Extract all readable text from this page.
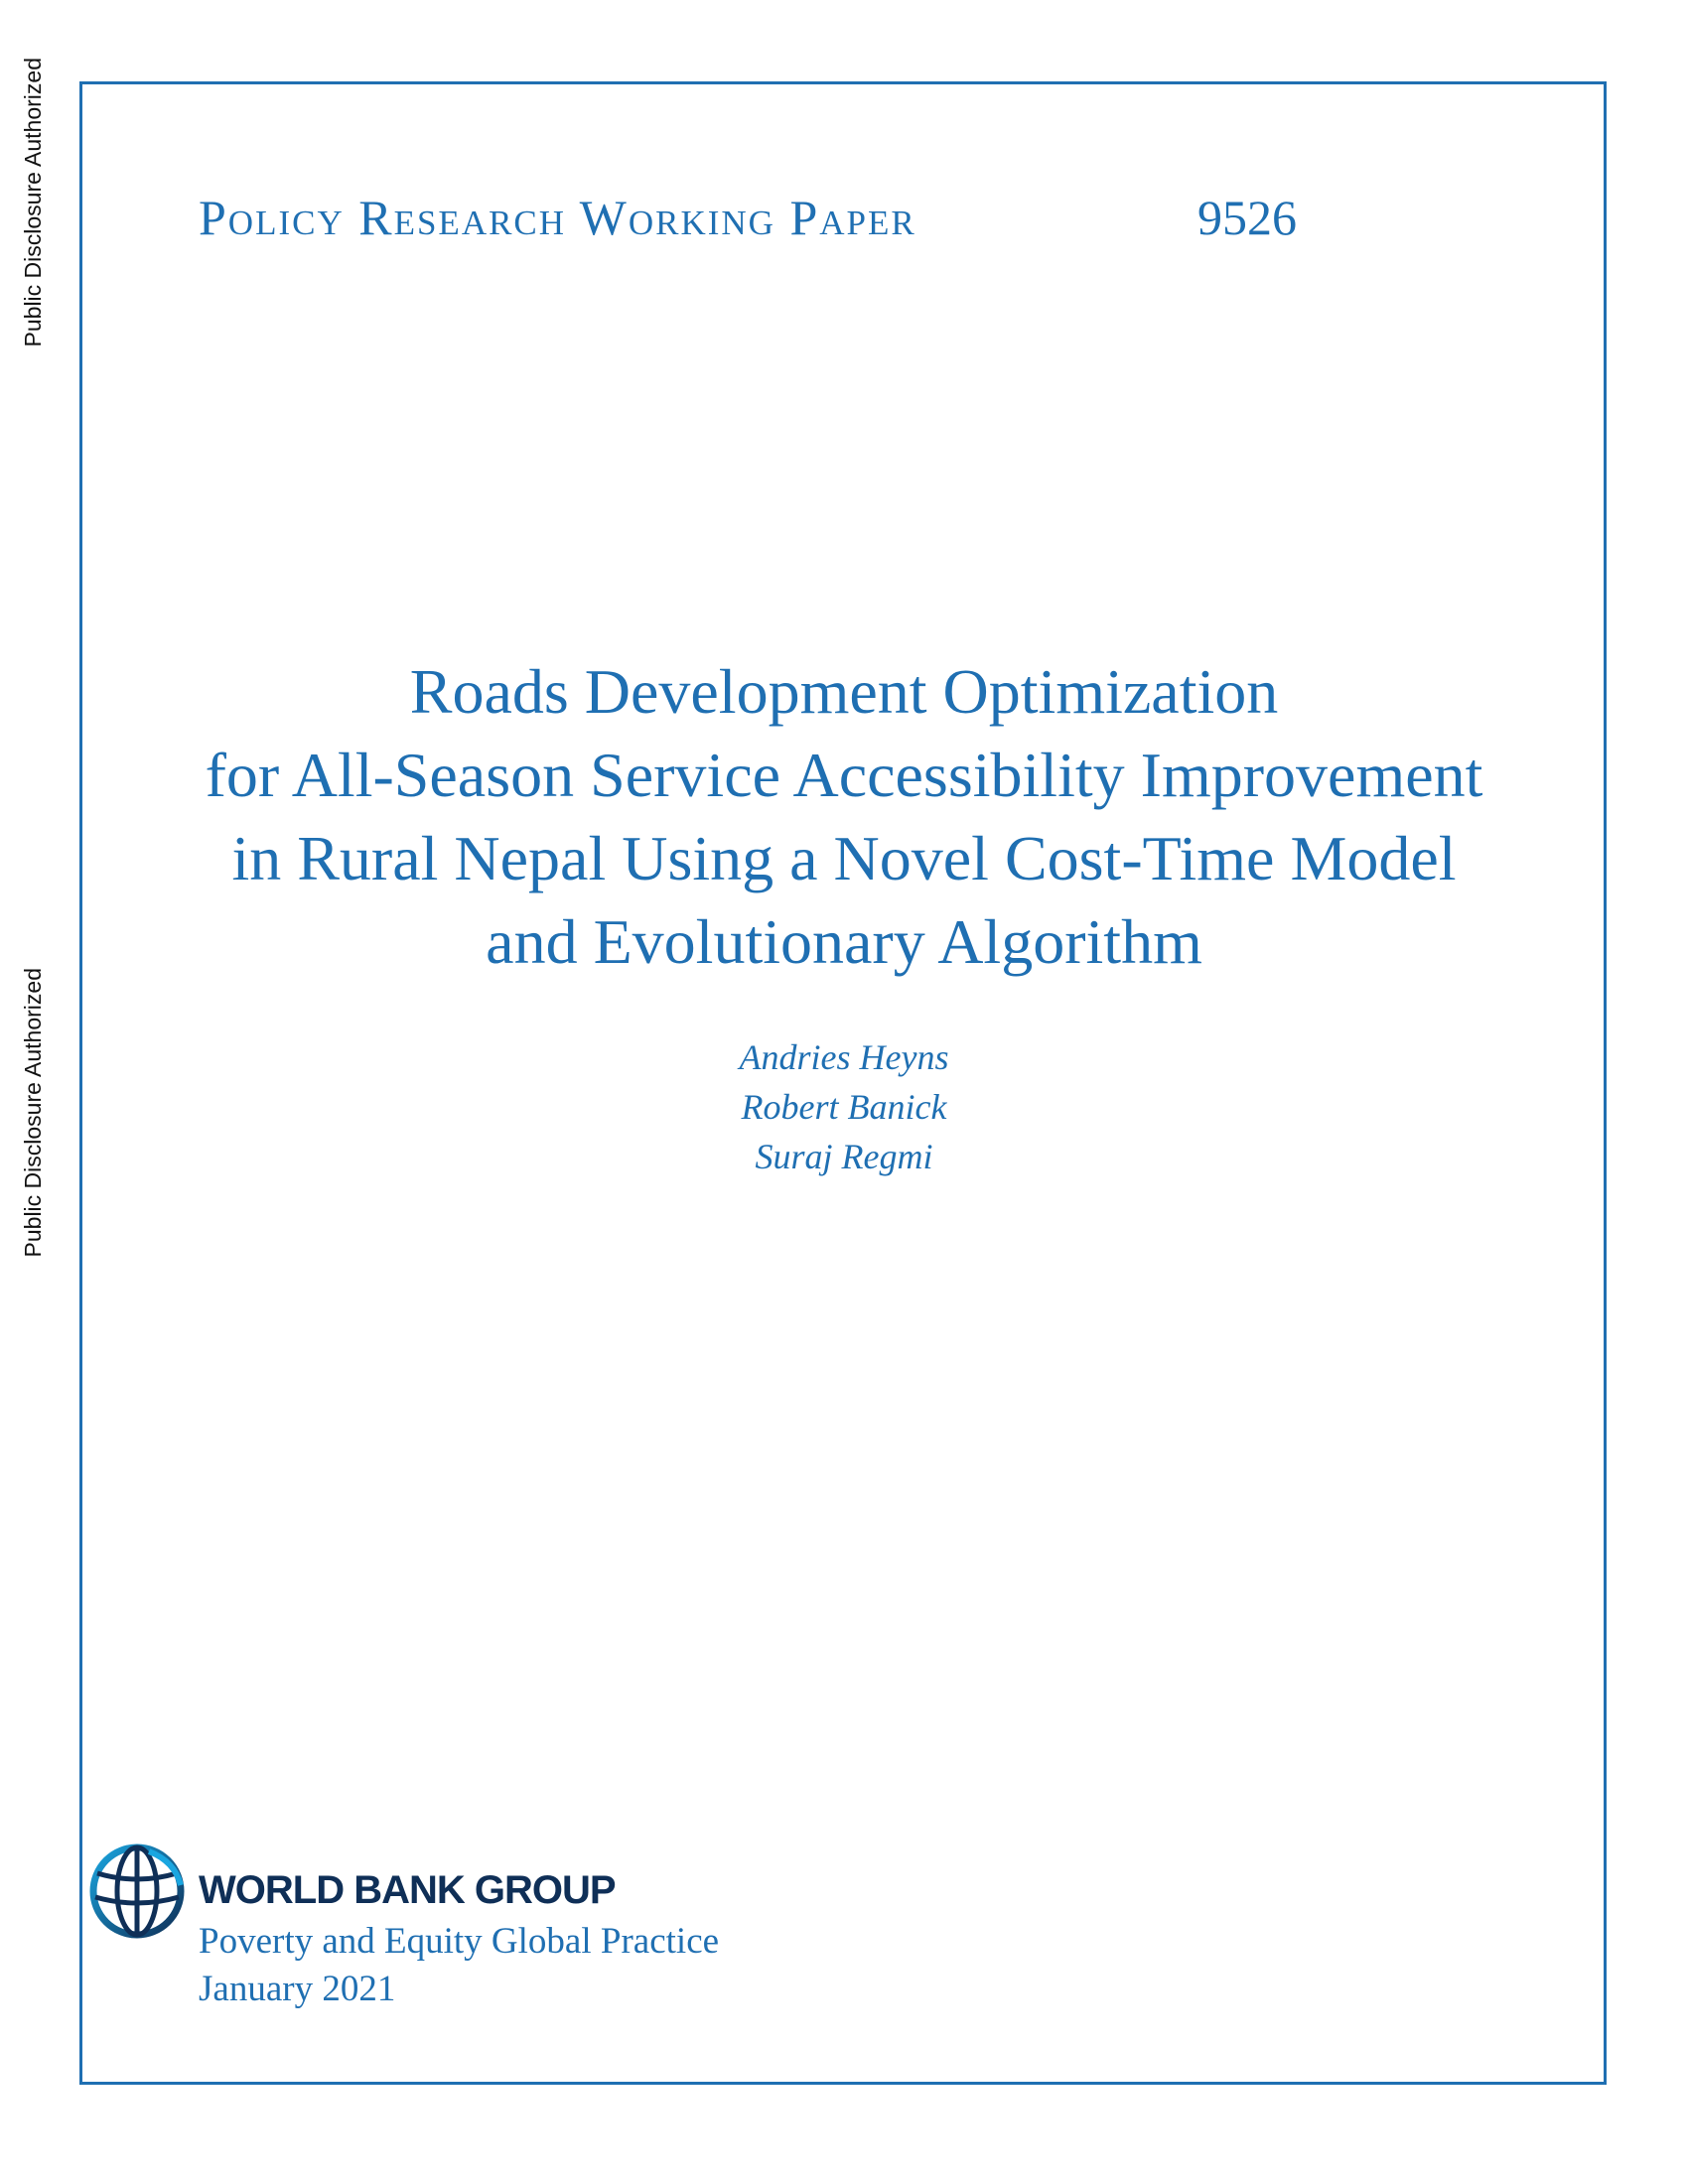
Public Disclosure Authorized
Public Disclosure Authorized
Policy Research Working Paper	9526
Roads Development Optimization
for All-Season Service Accessibility Improvement
in Rural Nepal Using a Novel Cost-Time Model
and Evolutionary Algorithm
Andries Heyns
Robert Banick
Suraj Regmi
WORLD BANK GROUP
Poverty and Equity Global Practice
January 2021
